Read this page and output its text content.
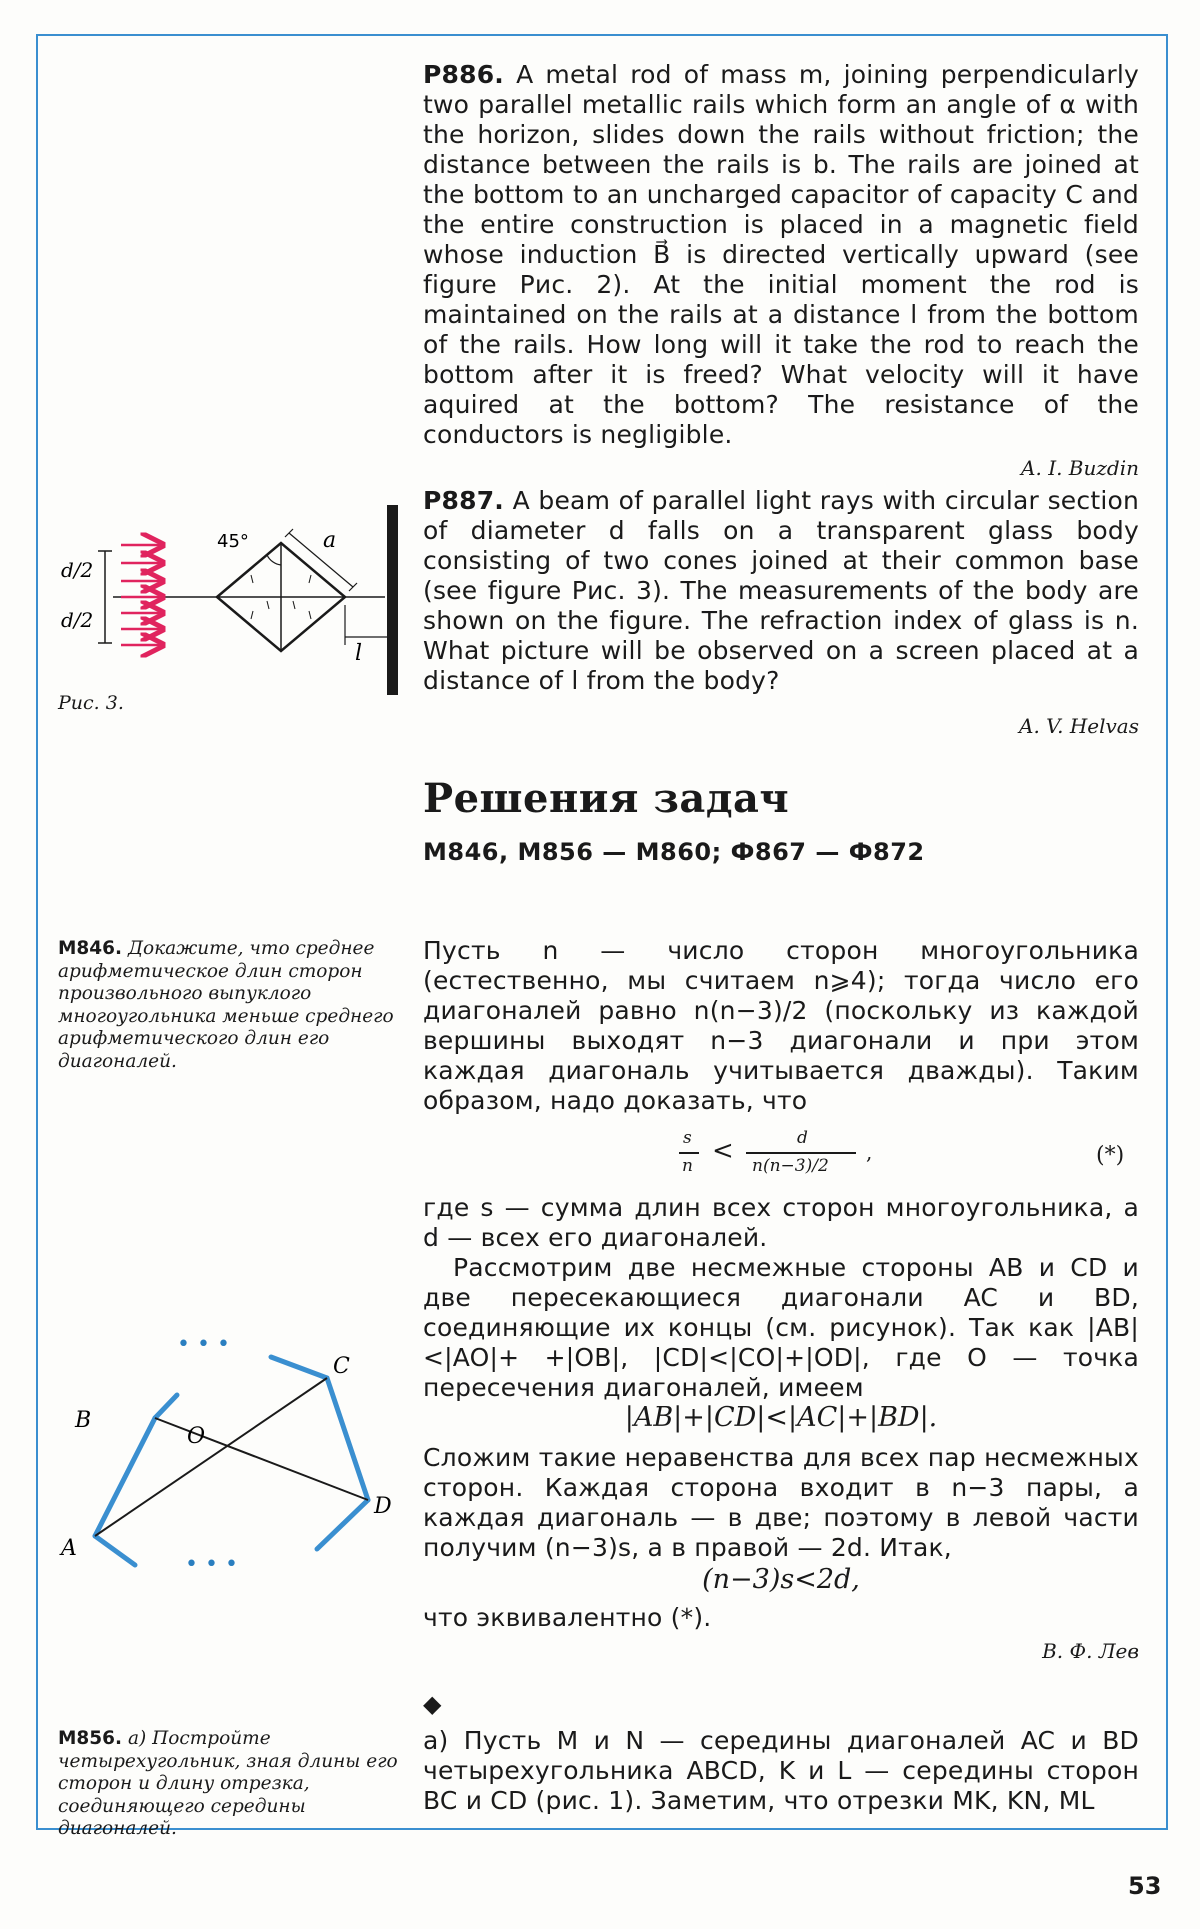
P886. A metal rod of mass m, joining perpendicularly two parallel metallic rails which form an angle of α with the horizon, slides down the rails without friction; the distance between the rails is b. The rails are joined at the bottom to an uncharged capacitor of capacity C and the entire construction is placed in a magnetic field whose induction B⃗ is directed vertically upward (see figure Рис. 2). At the initial moment the rod is maintained on the rails at a distance l from the bottom of the rails. How long will it take the rod to reach the bottom after it is freed? What velocity will it have aquired at the bottom? The resistance of the conductors is negligible.

A. I. Buzdin

P887. A beam of parallel light rays with circular section of diameter d falls on a transparent glass body consisting of two cones joined at their common base (see figure Рис. 3). The measurements of the body are shown on the figure. The refraction index of glass is n. What picture will be observed on a screen placed at a distance of l from the body?

A. V. Helvas
d/2
d/2
45°	a
l
Рис. 3.
Решения задач
М846, М856 — М860; Ф867 — Ф872
М846. Докажите, что среднее арифметическое длин сторон произвольного выпуклого многоугольника меньше среднего арифметического длин его диагоналей.

Пусть n — число сторон многоугольника (естественно, мы считаем n⩾4); тогда число его диагоналей равно n(n−3)/2 (поскольку из каждой вершины выходят n−3 диагонали и при этом каждая диагональ учитывается дважды). Таким образом, надо доказать, что

s
n <	d
n(n−3)/2
,	(*)

где s — сумма длин всех сторон многоугольника, а d — всех его диагоналей.

Рассмотрим две несмежные стороны AB и CD и две пересекающиеся диагонали AC и BD, соединяющие их концы (см. рисунок). Так как |AB|<|AO|+ +|OB|, |CD|<|CO|+|OD|, где O — точка пересечения диагоналей, имеем

|AB|+|CD|<|AC|+|BD|.

Сложим такие неравенства для всех пар несмежных сторон. Каждая сторона входит в n−3 пары, а каждая диагональ — в две; поэтому в левой части получим (n−3)s, а в правой — 2d. Итак,

(n−3)s<2d,

что эквивалентно (*).

В. Ф. Лев
• • •
• • •
A
B
C
D
O
◆
М856. а) Постройте четырехугольник, зная длины его сторон и длину отрезка, соединяющего середины диагоналей.

а) Пусть M и N — середины диагоналей AC и BD четырехугольника ABCD, K и L — середины сторон BC и CD (рис. 1). Заметим, что отрезки MK, KN, ML

53
